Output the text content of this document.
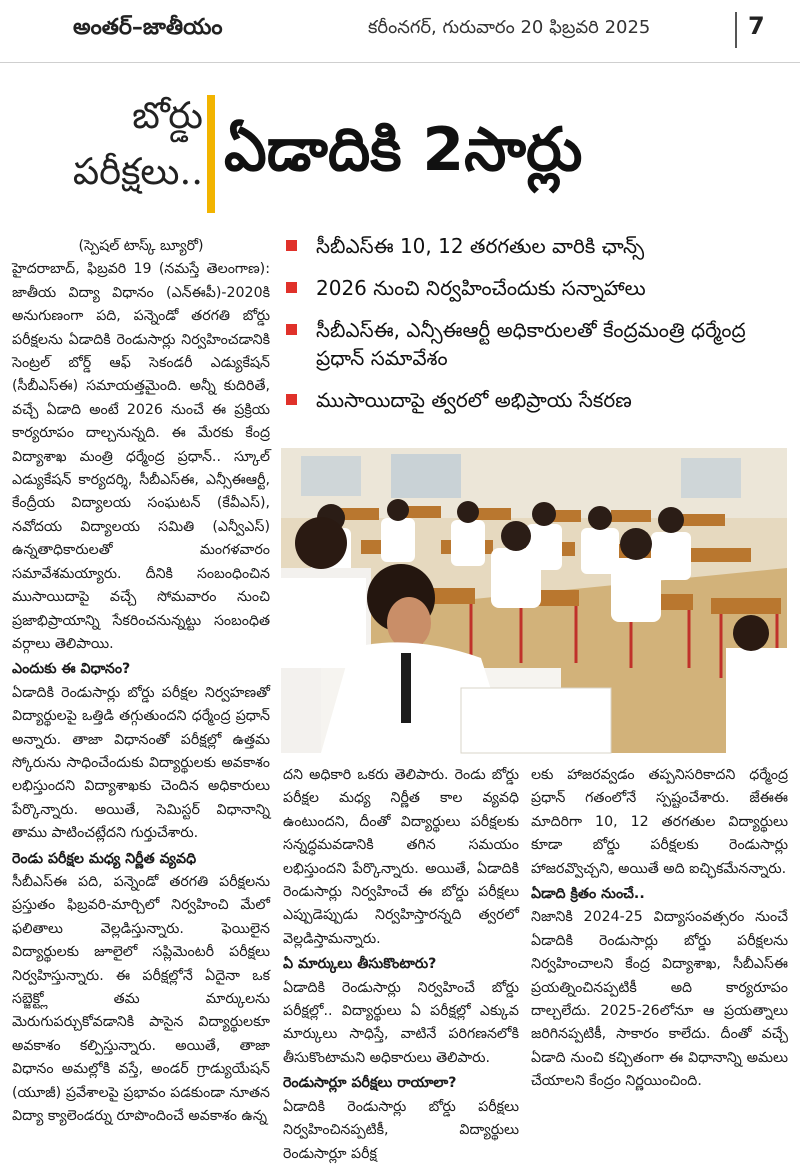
అంతర్–జాతీయం	కరీంనగర్, గురువారం 20 ఫిబ్రవరి 2025	7
బోర్డు
పరీక్షలు.. ఏడాదికి 2సార్లు
సీబీఎస్ఈ 10, 12 తరగతుల వారికి ఛాన్స్
2026 నుంచి నిర్వహించేందుకు సన్నాహాలు
సీబీఎస్ఈ, ఎన్సీఈఆర్టీ అధికారులతో కేంద్రమంత్రి ధర్మేంద్ర ప్రధాన్ సమావేశం
ముసాయిదాపై త్వరలో అభిప్రాయ సేకరణ

(స్పెషల్ టాస్క్ బ్యూరో)

హైదరాబాద్, ఫిబ్రవరి 19 (నమస్తే తెలంగాణ): జాతీయ విద్యా విధానం (ఎన్ఈపీ)-2020కి అనుగుణంగా పది, పన్నెండో తరగతి బోర్డు పరీక్షలను ఏడాదికి రెండుసార్లు నిర్వహించడానికి సెంట్రల్ బోర్డ్ ఆఫ్ సెకండరీ ఎడ్యుకేషన్ (సీబీఎస్ఈ) సమాయత్తమైంది. అన్నీ కుదిరితే, వచ్చే ఏడాది అంటే 2026 నుంచే ఈ ప్రక్రియ కార్యరూపం దాల్చనున్నది. ఈ మేరకు కేంద్ర విద్యాశాఖ మంత్రి ధర్మేంద్ర ప్రధాన్.. స్కూల్ ఎడ్యుకేషన్ కార్యదర్శి, సీబీఎస్ఈ, ఎన్సీఈఆర్టీ, కేంద్రీయ విద్యాలయ సంఘటన్ (కేవీఎస్), నవోదయ విద్యాలయ సమితి (ఎన్వీఎస్) ఉన్నతాధికారులతో మంగళవారం సమావేశమయ్యారు. దీనికి సంబంధించిన ముసాయిదాపై వచ్చే సోమవారం నుంచి ప్రజాభిప్రాయాన్ని సేకరించనున్నట్టు సంబంధిత వర్గాలు తెలిపాయి.

ఎందుకు ఈ విధానం?

ఏడాదికి రెండుసార్లు బోర్డు పరీక్షల నిర్వహణతో విద్యార్థులపై ఒత్తిడి తగ్గుతుందని ధర్మేంద్ర ప్రధాన్ అన్నారు. తాజా విధానంతో పరీక్షల్లో ఉత్తమ స్కోరును సాధించేందుకు విద్యార్థులకు అవకాశం లభిస్తుందని విద్యాశాఖకు చెందిన అధికారులు పేర్కొన్నారు. అయితే, సెమిస్టర్ విధానాన్ని తాము పాటించట్లేదని గుర్తుచేశారు.

రెండు పరీక్షల మధ్య నిర్ణీత వ్యవధి

సీబీఎస్ఈ పది, పన్నెండో తరగతి పరీక్షలను ప్రస్తుతం ఫిబ్రవరి-మార్చిలో నిర్వహించి మేలో ఫలితాలు వెల్లడిస్తున్నారు. ఫెయిలైన విద్యార్థులకు జూలైలో సప్లిమెంటరీ పరీక్షలు నిర్వహిస్తున్నారు. ఈ పరీక్షల్లోనే ఏదైనా ఒక సబ్జెక్ట్లో తమ మార్కులను మెరుగుపర్చుకోవడానికి పాసైన విద్యార్థులకూ అవకాశం కల్పిస్తున్నారు. అయితే, తాజా విధానం అమల్లోకి వస్తే, అండర్ గ్రాడ్యుయేషన్ (యూజీ) ప్రవేశాలపై ప్రభావం పడకుండా నూతన విద్యా క్యాలెండర్ను రూపొందించే అవకాశం ఉన్న

దని అధికారి ఒకరు తెలిపారు. రెండు బోర్డు పరీక్షల మధ్య నిర్ణీత కాల వ్యవధి ఉంటుందని, దీంతో విద్యార్థులు పరీక్షలకు సన్నద్ధమవడానికి తగిన సమయం లభిస్తుందని పేర్కొన్నారు. అయితే, ఏడాదికి రెండుసార్లు నిర్వహించే ఈ బోర్డు పరీక్షలు ఎప్పుడెప్పుడు నిర్వహిస్తారన్నది త్వరలో వెల్లడిస్తామన్నారు.

ఏ మార్కులు తీసుకొంటారు?

ఏడాదికి రెండుసార్లు నిర్వహించే బోర్డు పరీక్షల్లో.. విద్యార్థులు ఏ పరీక్షల్లో ఎక్కువ మార్కులు సాధిస్తే, వాటినే పరిగణనలోకి తీసుకొంటామని అధికారులు తెలిపారు.

రెండుసార్లూ పరీక్షలు రాయాలా?

ఏడాదికి రెండుసార్లు బోర్డు పరీక్షలు నిర్వహించినప్పటికీ, విద్యార్థులు రెండుసార్లూ పరీక్ష

లకు హాజరవ్వడం తప్పనిసరికాదని ధర్మేంద్ర ప్రధాన్ గతంలోనే స్పష్టంచేశారు. జేఈఈ మాదిరిగా 10, 12 తరగతుల విద్యార్థులు కూడా బోర్డు పరీక్షలకు రెండుసార్లు హాజరవ్వొచ్చని, అయితే అది ఐచ్ఛికమేనన్నారు.

ఏడాది క్రితం నుంచే..

నిజానికి 2024-25 విద్యాసంవత్సరం నుంచే ఏడాదికి రెండుసార్లు బోర్డు పరీక్షలను నిర్వహించాలని కేంద్ర విద్యాశాఖ, సీబీఎస్ఈ ప్రయత్నించినప్పటికీ అది కార్యరూపం దాల్చలేదు. 2025-26లోనూ ఆ ప్రయత్నాలు జరిగినప్పటికీ, సాకారం కాలేదు. దీంతో వచ్చే ఏడాది నుంచి కచ్చితంగా ఈ విధానాన్ని అమలు చేయాలని కేంద్రం నిర్ణయించింది.
